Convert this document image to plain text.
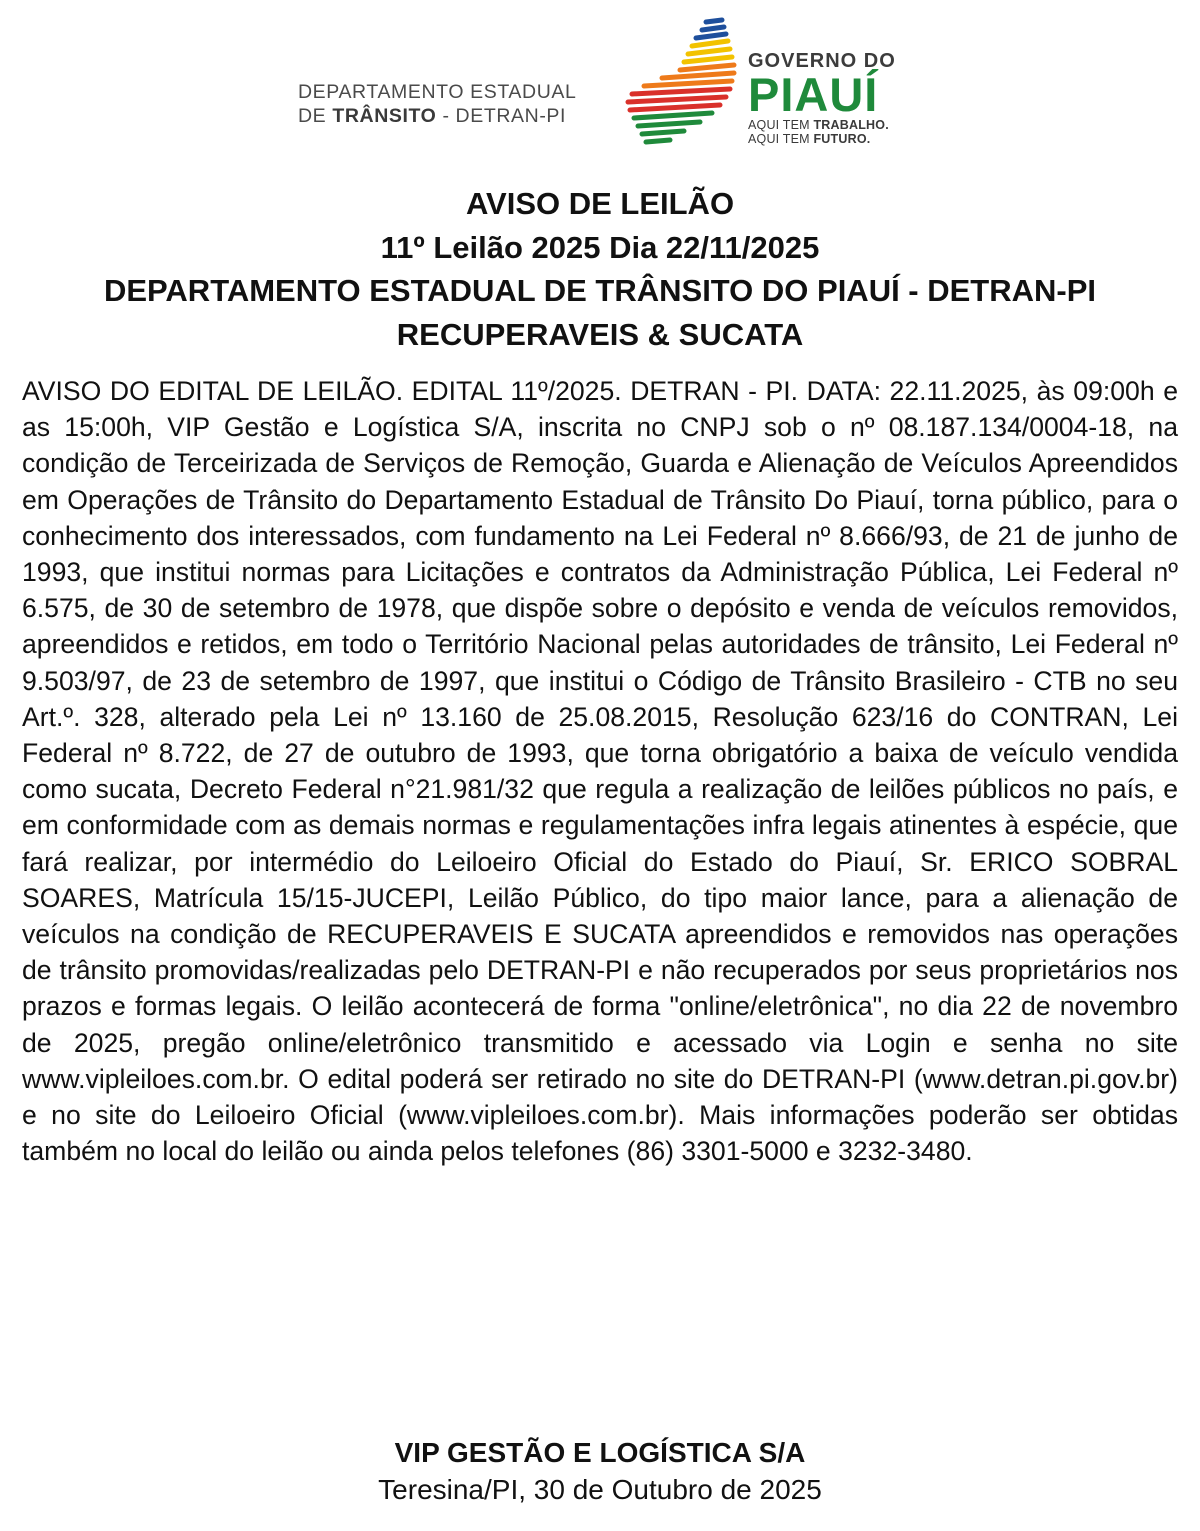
DEPARTAMENTO ESTADUAL
DE TRÂNSITO - DETRAN-PI
GOVERNO DO
PIAUÍ
AQUI TEM TRABALHO.
AQUI TEM FUTURO.
AVISO DE LEILÃO
11º Leilão 2025 Dia 22/11/2025
DEPARTAMENTO ESTADUAL DE TRÂNSITO DO PIAUÍ - DETRAN-PI
RECUPERAVEIS & SUCATA

AVISO DO EDITAL DE LEILÃO. EDITAL 11º/2025. DETRAN - PI. DATA: 22.11.2025, às 09:00h e as 15:00h, VIP Gestão e Logística S/A, inscrita no CNPJ sob o nº 08.187.134/0004-18, na condição de Terceirizada de Serviços de Remoção, Guarda e Alienação de Veículos Apreendidos em Operações de Trânsito do Departamento Estadual de Trânsito Do Piauí, torna público, para o conhecimento dos interessados, com fundamento na Lei Federal nº 8.666/93, de 21 de junho de 1993, que institui normas para Licitações e contratos da Administração Pública, Lei Federal nº 6.575, de 30 de setembro de 1978, que dispõe sobre o depósito e venda de veículos removidos, apreendidos e retidos, em todo o Território Nacional pelas autoridades de trânsito, Lei Federal nº 9.503/97, de 23 de setembro de 1997, que institui o Código de Trânsito Brasileiro - CTB no seu Art.º. 328, alterado pela Lei nº 13.160 de 25.08.2015, Resolução 623/16 do CONTRAN, Lei Federal nº 8.722, de 27 de outubro de 1993, que torna obrigatório a baixa de veículo vendida como sucata, Decreto Federal n°21.981/32 que regula a realização de leilões públicos no país, e em conformidade com as demais normas e regulamentações infra legais atinentes à espécie, que fará realizar, por intermédio do Leiloeiro Oficial do Estado do Piauí, Sr. ERICO SOBRAL SOARES, Matrícula 15/15-JUCEPI, Leilão Público, do tipo maior lance, para a alienação de veículos na condição de RECUPERAVEIS E SUCATA apreendidos e removidos nas operações de trânsito promovidas/realizadas pelo DETRAN-PI e não recuperados por seus proprietários nos prazos e formas legais. O leilão acontecerá de forma "online/eletrônica", no dia 22 de novembro de 2025, pregão online/eletrônico transmitido e acessado via Login e senha no site www.vipleiloes.com.br. O edital poderá ser retirado no site do DETRAN-PI (www.detran.pi.gov.br) e no site do Leiloeiro Oficial (www.vipleiloes.com.br). Mais informações poderão ser obtidas também no local do leilão ou ainda pelos telefones (86) 3301-5000 e 3232-3480.

VIP GESTÃO E LOGÍSTICA S/A
Teresina/PI, 30 de Outubro de 2025
